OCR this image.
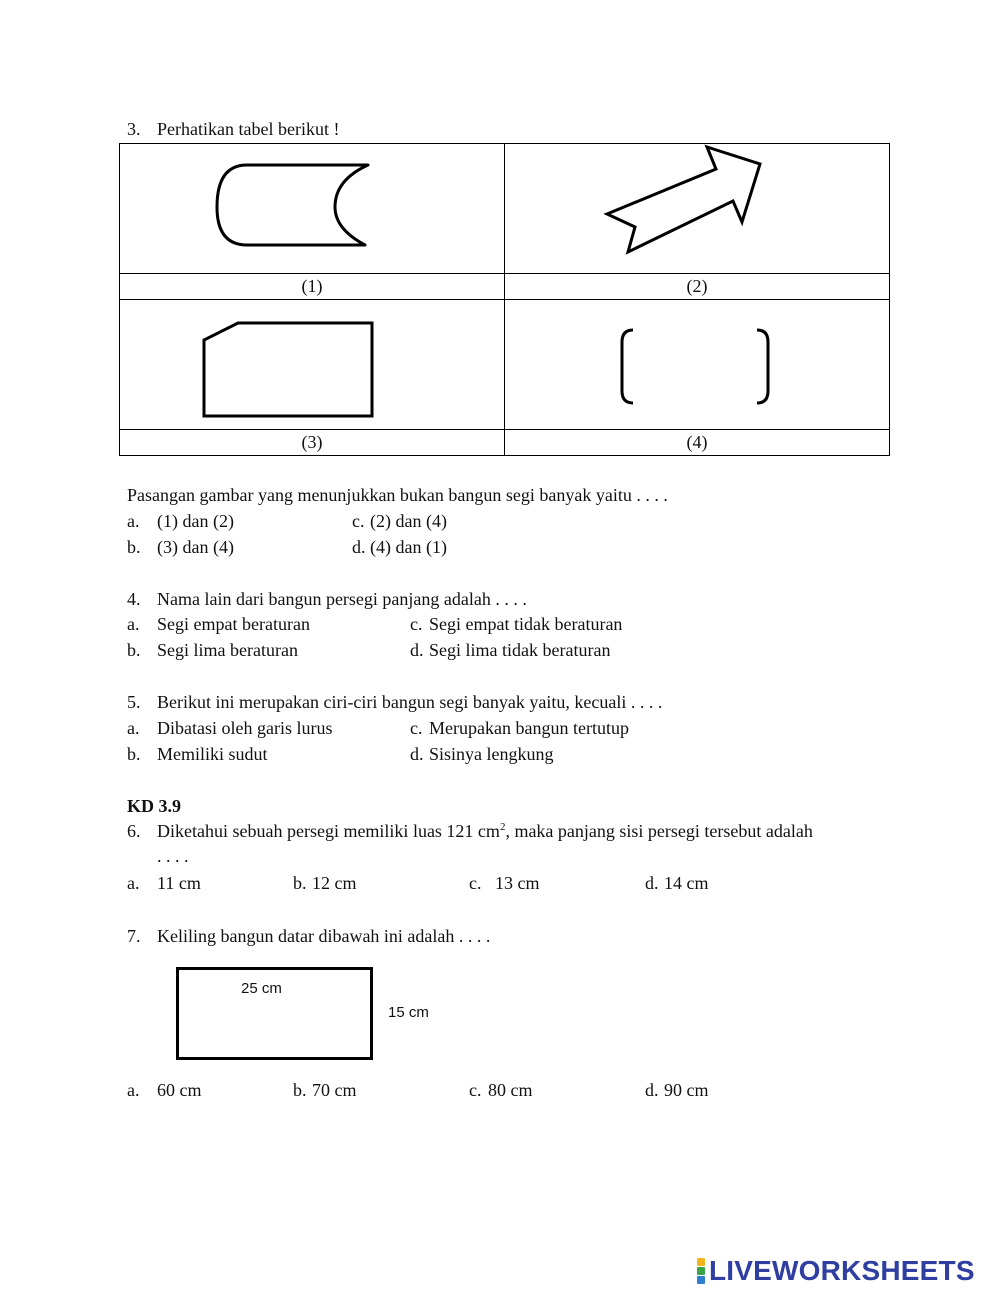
3. Perhatikan tabel berikut !

(1)	(2)

(3)	(4)
Pasangan gambar yang menunjukkan bukan bangun segi banyak yaitu . . . .
a. (1) dan (2)	c. (2) dan (4)
b. (3) dan (4)	d. (4) dan (1)
4. Nama lain dari bangun persegi panjang adalah . . . .
a. Segi empat beraturan	c. Segi empat tidak beraturan
b. Segi lima beraturan	d. Segi lima tidak beraturan
5. Berikut ini merupakan ciri-ciri bangun segi banyak yaitu, kecuali . . . .
a. Dibatasi oleh garis lurus	c. Merupakan bangun tertutup
b. Memiliki sudut	d. Sisinya lengkung
KD 3.9
6. Diketahui sebuah persegi memiliki luas 121 $cm^2$, maka panjang sisi persegi tersebut adalah
. . . .
a. 11 cm	b. 12 cm	c. 13 cm	d. 14 cm
7. Keliling bangun datar dibawah ini adalah . . . .
25 cm
15 cm
a. 60 cm	b. 70 cm	c. 80 cm	d. 90 cm
LIVEWORKSHEETS
